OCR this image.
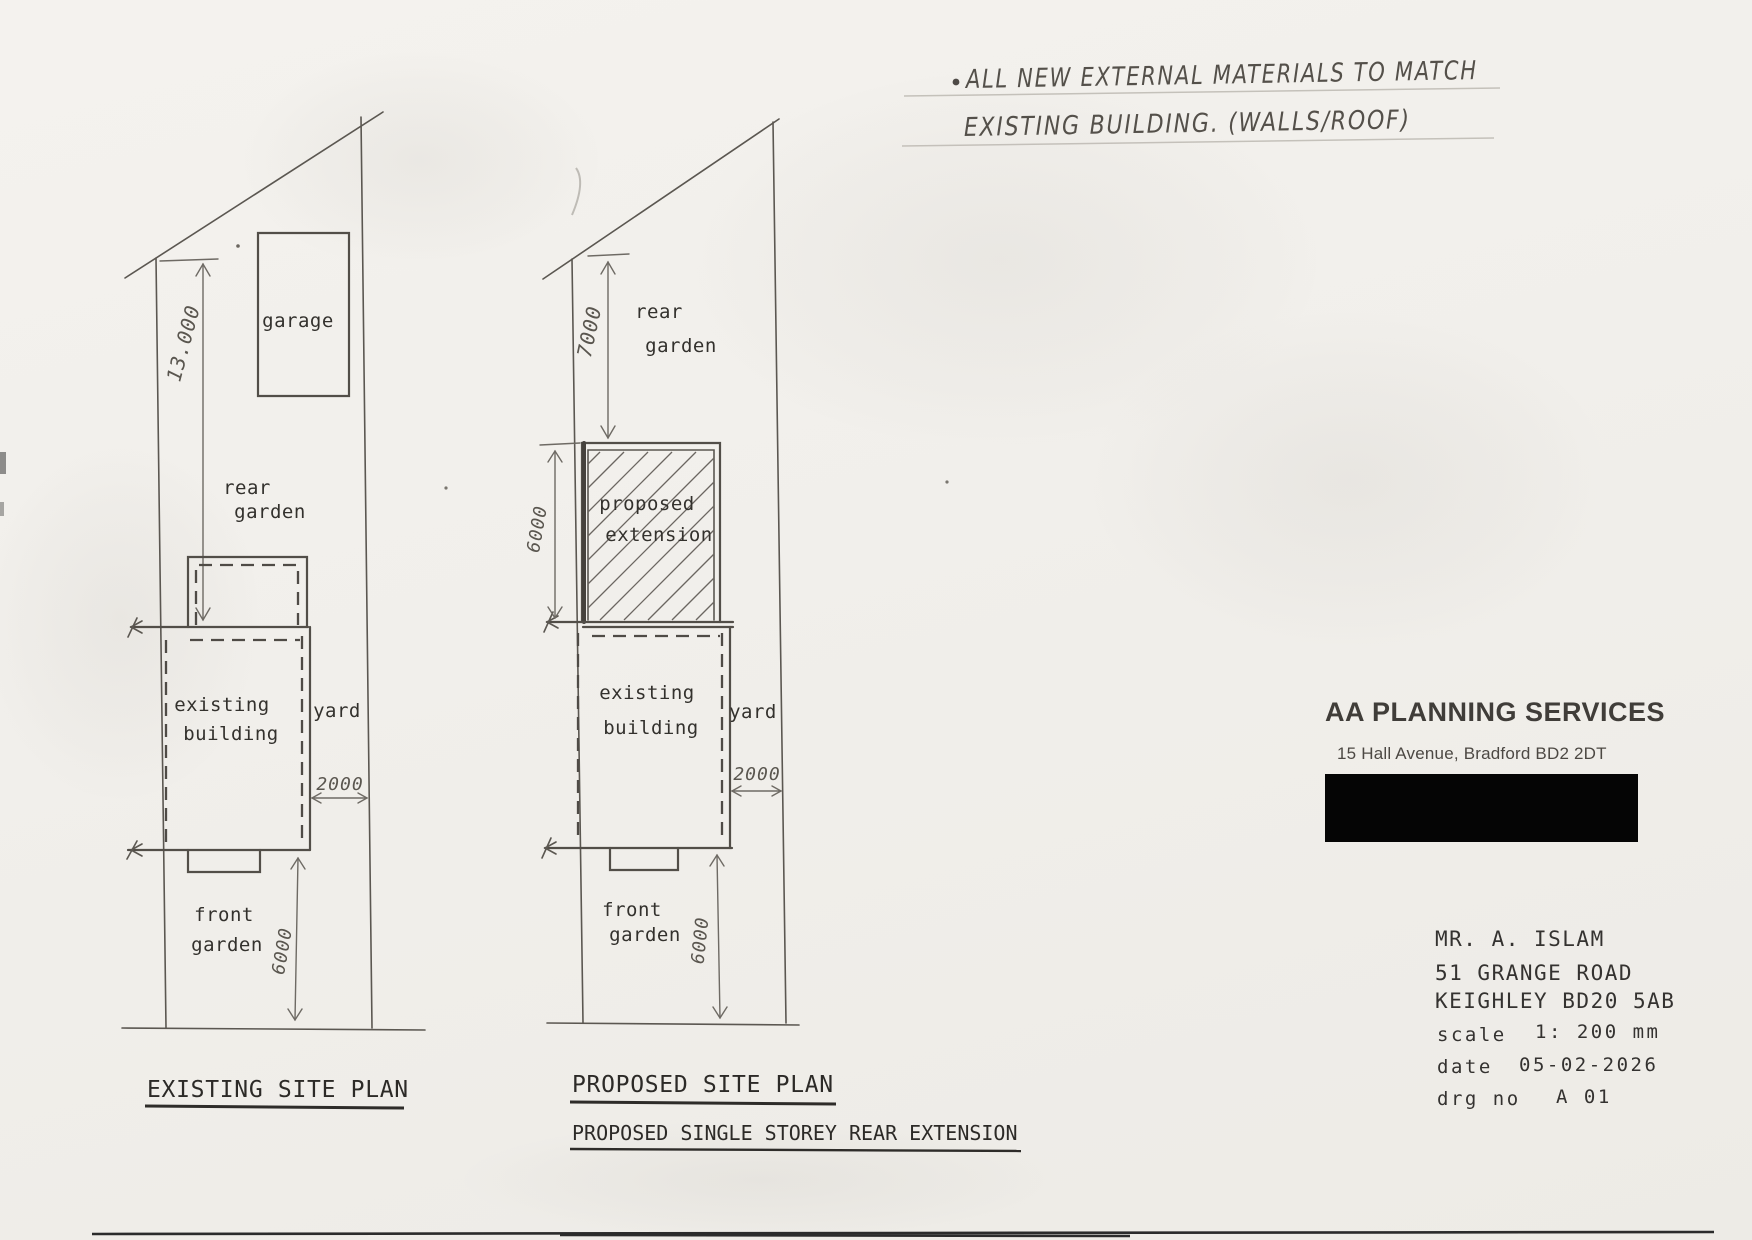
ALL NEW EXTERNAL MATERIALS TO MATCH
EXISTING BUILDING. (WALLS/ROOF)
garage
rear
garden
13.000
existing
building
yard
2000
6000
front
garden
EXISTING SITE PLAN
rear
garden
7000
proposed
extension
6000
existing
building
yard
2000
6000
front
garden
PROPOSED SITE PLAN
PROPOSED SINGLE STOREY REAR EXTENSION
AA PLANNING SERVICES
15 Hall Avenue, Bradford BD2 2DT
MR. A. ISLAM
51 GRANGE ROAD
KEIGHLEY BD20 5AB
scale 1: 200 mm
date 05-02-2026
drg no A 01
